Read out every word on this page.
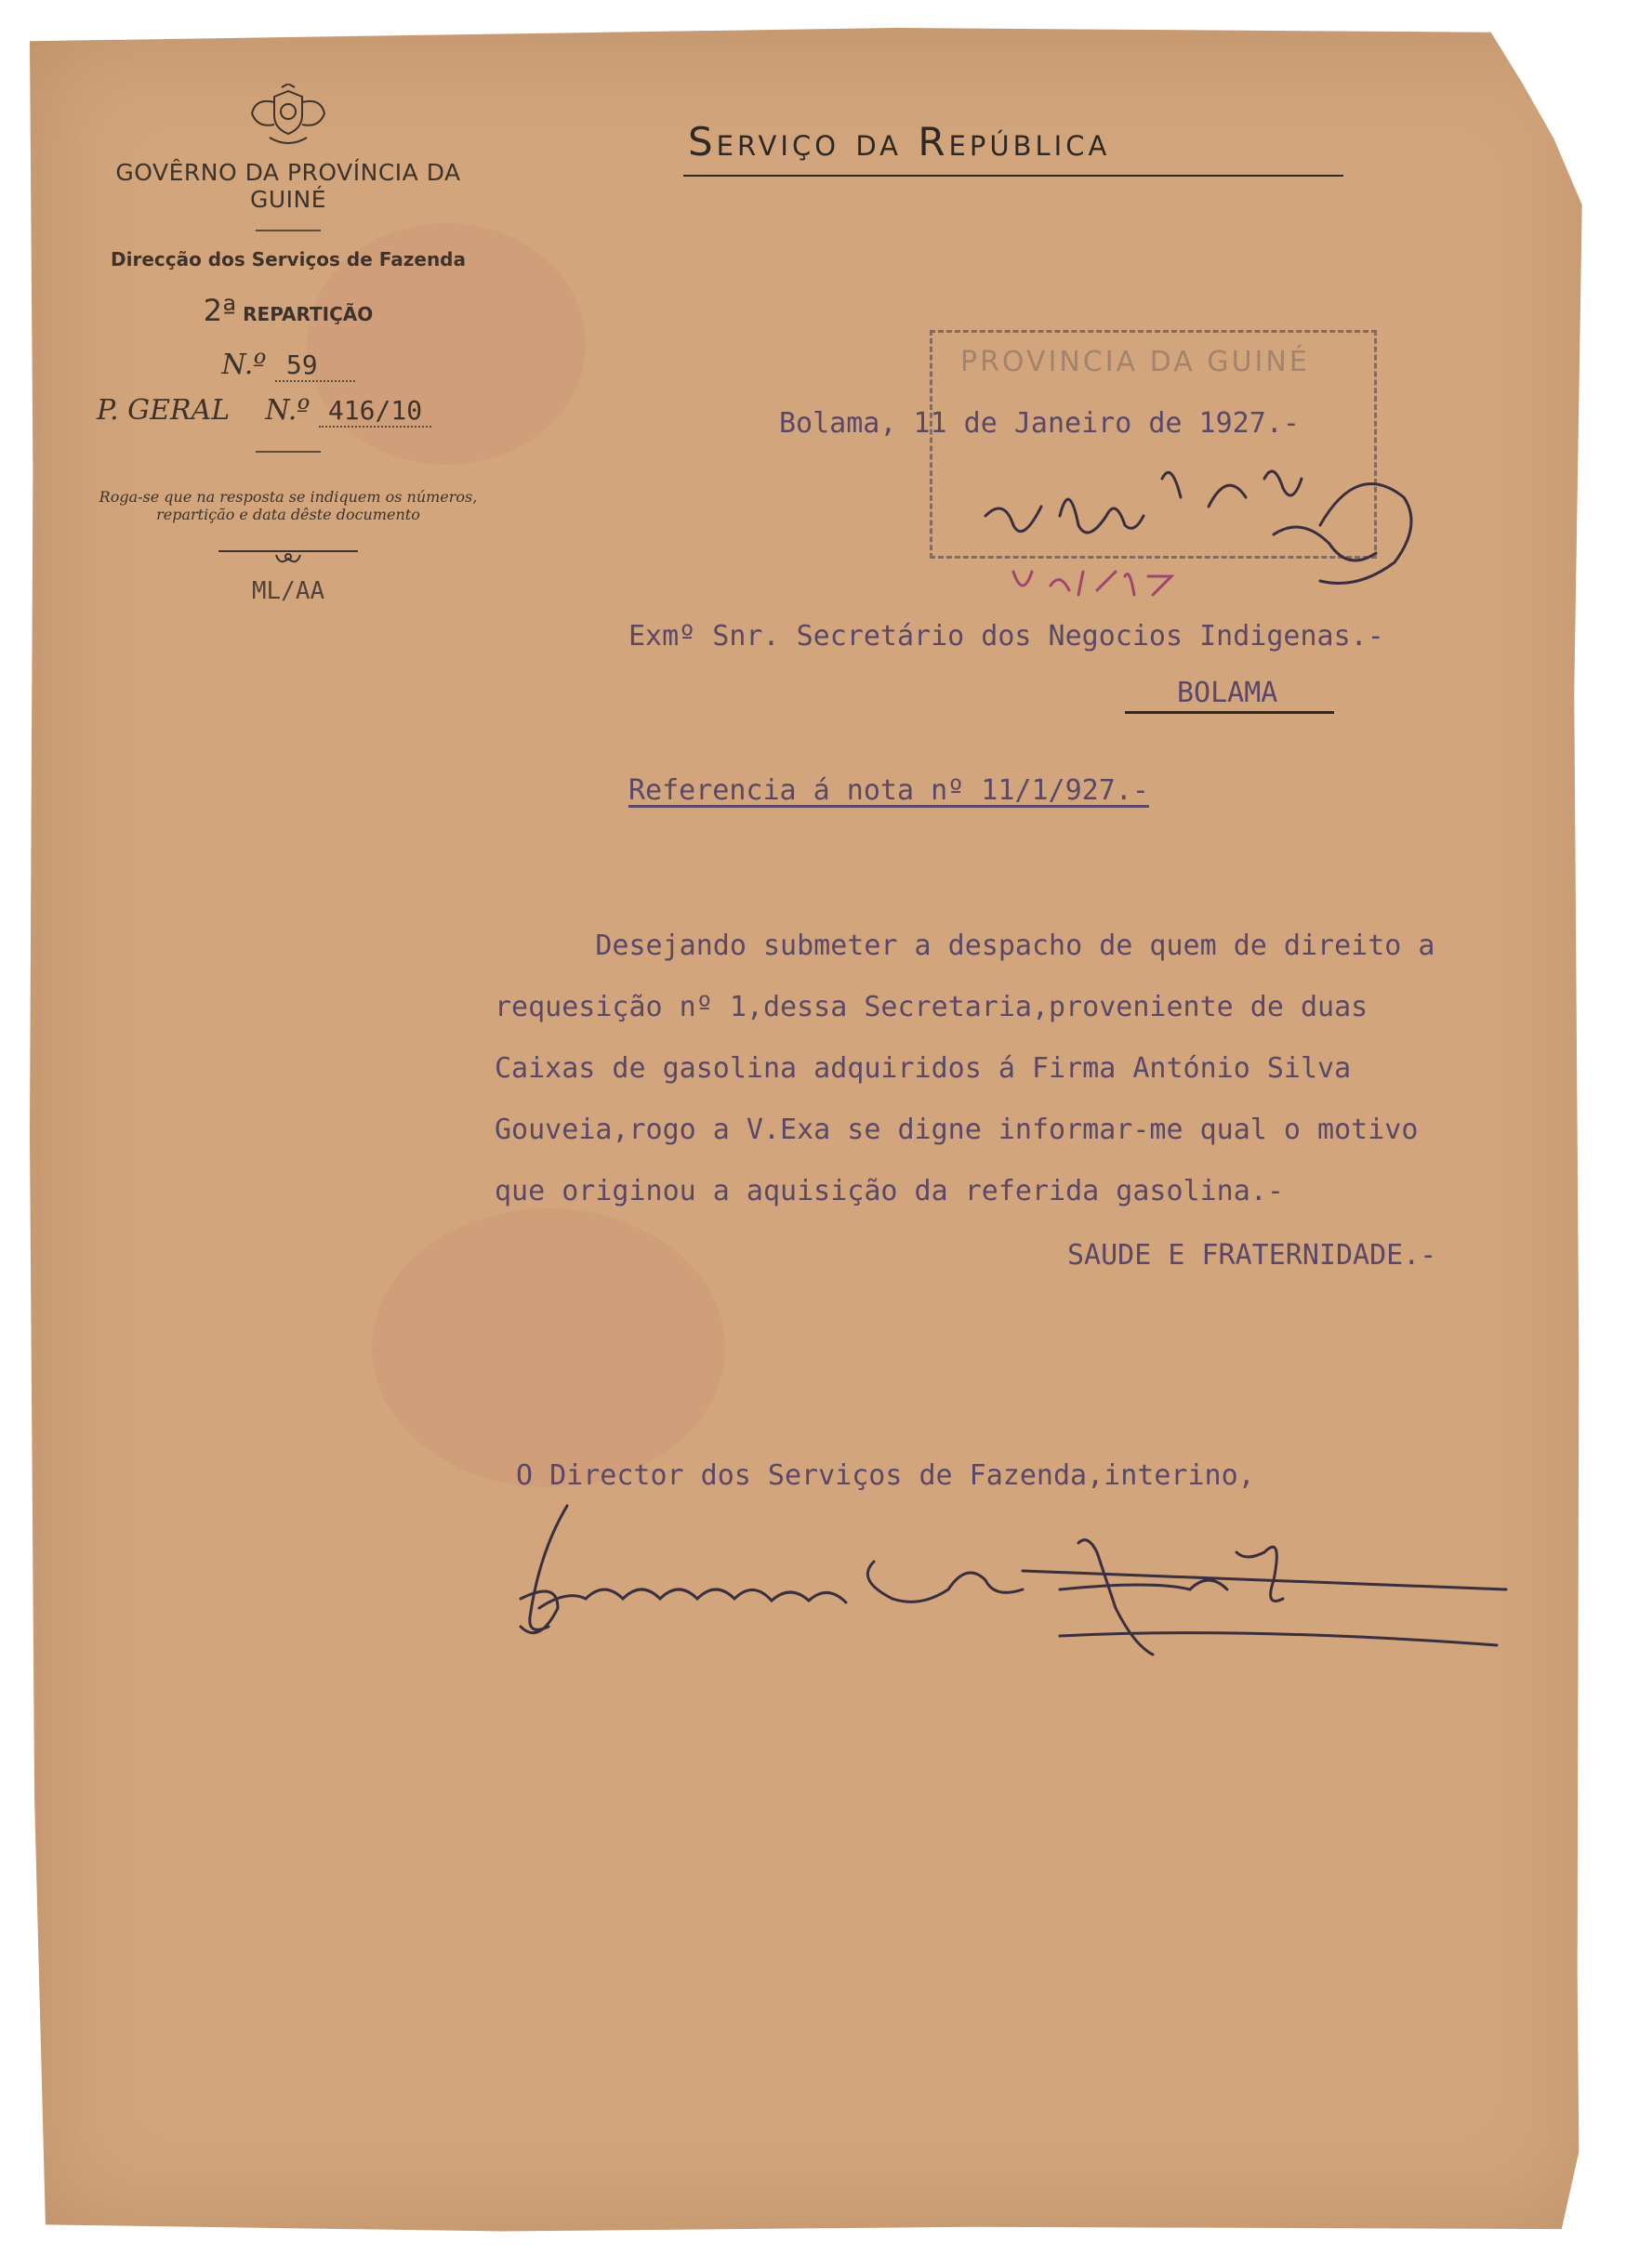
GOVÊRNO DA PROVÍNCIA DA GUINÉ
Direcção dos Serviços de Fazenda
2ª REPARTIÇÃO
N.º 59
P. GERAL N.º 416/10
Roga-se que na resposta se indiquem os números,
repartição e data dêste documento
ML/AA
Serviço da República
PROVINCIA DA GUINÉ
Bolama, 11 de Janeiro de 1927.-
Exmº Snr. Secretário dos Negocios Indigenas.-
BOLAMA
Referencia á nota nº 11/1/927.-
Desejando submeter a despacho de quem de direito a
requesição nº 1,dessa Secretaria,proveniente de duas
Caixas de gasolina adquiridos á Firma António Silva
Gouveia,rogo a V.Exa se digne informar-me qual o motivo
que originou a aquisição da referida gasolina.-
SAUDE E FRATERNIDADE.-
O Director dos Serviços de Fazenda,interino,
